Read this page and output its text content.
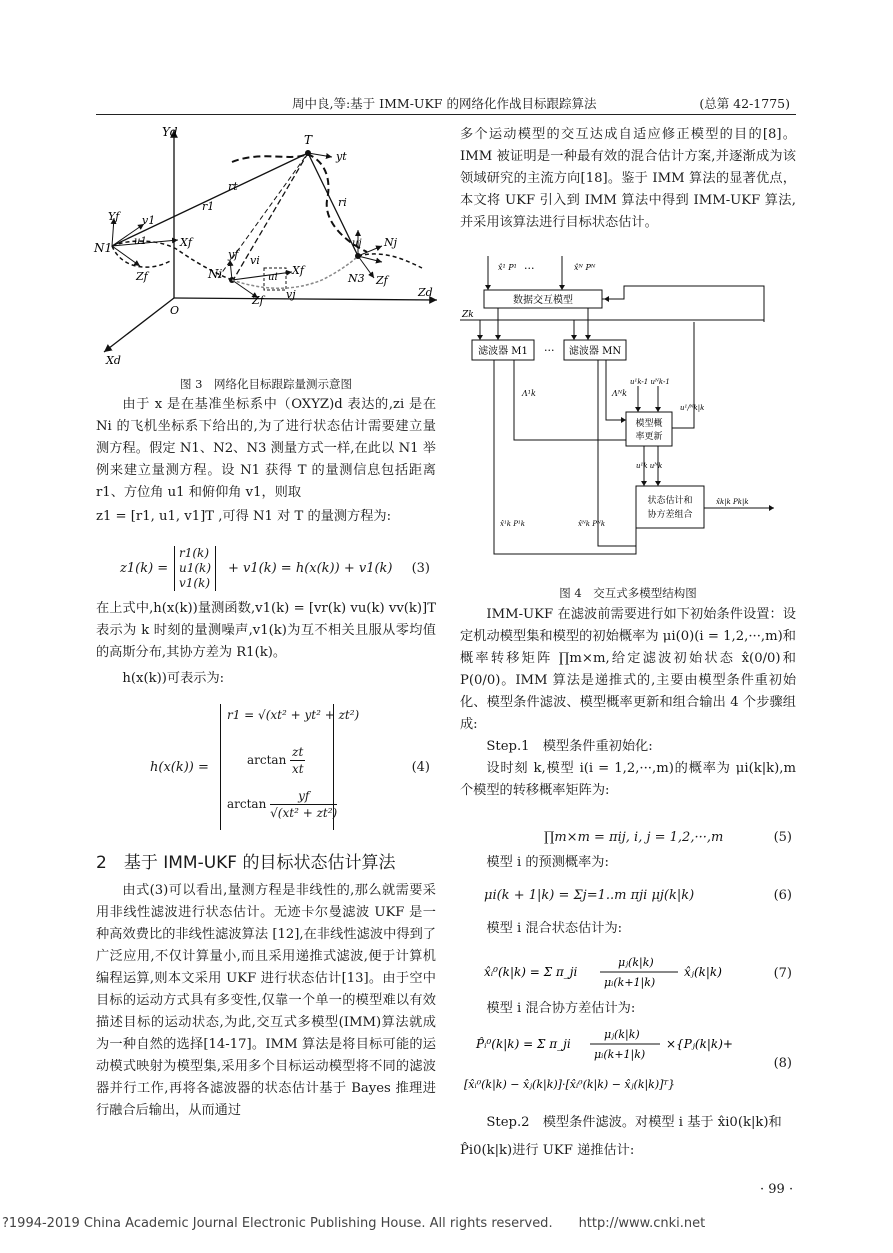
周中良,等:基于 IMM-UKF 的网络化作战目标跟踪算法	(总第 42-1775)
Yd
T
yt
rt
r1	ri
Yf v1
Xf
N1 u1
Zf
yf vi
ui
Xf
Ni
vj
uj Nj
Zf
Zd
O
N3 Zf
Xd
图 3　网络化目标跟踪量测示意图

由于 x 是在基准坐标系中（OXYZ)d 表达的,zi 是在 Ni 的飞机坐标系下给出的,为了进行状态估计需要建立量测方程。假定 N1、N2、N3 测量方式一样,在此以 N1 举例来建立量测方程。设 N1 获得 T 的量测信息包括距离 r1、方位角 u1 和俯仰角 v1，则取

z1 = [r1, u1, v1]T ,可得 N1 对 T 的量测方程为:

z1(k) =
r1(k)
u1(k)
v1(k)
+ v1(k) = h(x(k)) + v1(k) (3)

在上式中,h(x(k))量测函数,v1(k) = [vr(k) vu(k) vv(k)]T 表示为 k 时刻的量测噪声,v1(k)为互不相关且服从零均值的高斯分布,其协方差为 R1(k)。

h(x(k))可表示为:

h(x(k)) =
r1 = √(xt² + yt² + zt²)
$\arctan \frac{zt}{xt}$
$\arctan \frac{yf}{\text{√(xt² + zt²)}}$
(4)
2　基于 IMM-UKF 的目标状态估计算法

由式(3)可以看出,量测方程是非线性的,那么就需要采用非线性滤波进行状态估计。无迹卡尔曼滤波 UKF 是一种高效费比的非线性滤波算法 [12],在非线性滤波中得到了广泛应用,不仅计算量小,而且采用递推式滤波,便于计算机编程运算,则本文采用 UKF 进行状态估计[13]。由于空中目标的运动方式具有多变性,仅靠一个单一的模型难以有效描述目标的运动状态,为此,交互式多模型(IMM)算法就成为一种自然的选择[14-17]。IMM 算法是将目标可能的运动模式映射为模型集,采用多个目标运动模型将不同的滤波器并行工作,再将各滤波器的状态估计基于 Bayes 推理进行融合后输出，从而通过

多个运动模型的交互达成自适应修正模型的目的[8]。IMM 被证明是一种最有效的混合估计方案,并逐渐成为该领域研究的主流方向[18]。鉴于 IMM 算法的显著优点，本文将 UKF 引入到 IMM 算法中得到 IMM-UKF 算法,并采用该算法进行目标状态估计。

x̂¹ P¹	x̂ᴺ Pᴺ
···
数据交互模型
Zk
滤波器 M1 ··· 滤波器 MN
Λ¹k	Λᴺk
模型概
率更新
u¹k-1 uᴺk-1
u¹/ᴺk|k
u¹k uᴺk
状态估计和
协方差组合
x̂k|k Pk|k
x̂¹k P¹k	x̂ᴺk Pᴺk
图 4　交互式多模型结构图

IMM-UKF 在滤波前需要进行如下初始条件设置：设定机动模型集和模型的初始概率为 μi(0)(i = 1,2,···,m)和概率转移矩阵 ∏m×m,给定滤波初始状态 x̂(0/0)和 P(0/0)。IMM 算法是递推式的,主要由模型条件重初始化、模型条件滤波、模型概率更新和组合输出 4 个步骤组成:

Step.1　模型条件重初始化:

设时刻 k,模型 i(i = 1,2,···,m)的概率为 μi(k|k),m 个模型的转移概率矩阵为:

∏m×m = πij, i, j = 1,2,···,m	(5)

模型 i 的预测概率为:

μi(k + 1|k) = Σj=1..m πji μj(k|k)	(6)

模型 i 混合状态估计为:

x̂ᵢ⁰(k|k) = Σ π_ji
μⱼ(k|k)
μᵢ(k+1|k)
x̂ⱼ(k|k)	(7)

模型 i 混合协方差估计为:

P̂ᵢ⁰(k|k) = Σ π_ji
μⱼ(k|k)
μᵢ(k+1|k)
×{Pⱼ(k|k)+
[x̂ᵢ⁰(k|k) − x̂ⱼ(k|k)]·[x̂ᵢ⁰(k|k) − x̂ⱼ(k|k)]ᵀ}
(8)

Step.2　模型条件滤波。对模型 i 基于 x̂i0(k|k)和

P̂i0(k|k)进行 UKF 递推估计:

· 99 ·
?1994-2019 China Academic Journal Electronic Publishing House. All rights reserved.　　http://www.cnki.net
